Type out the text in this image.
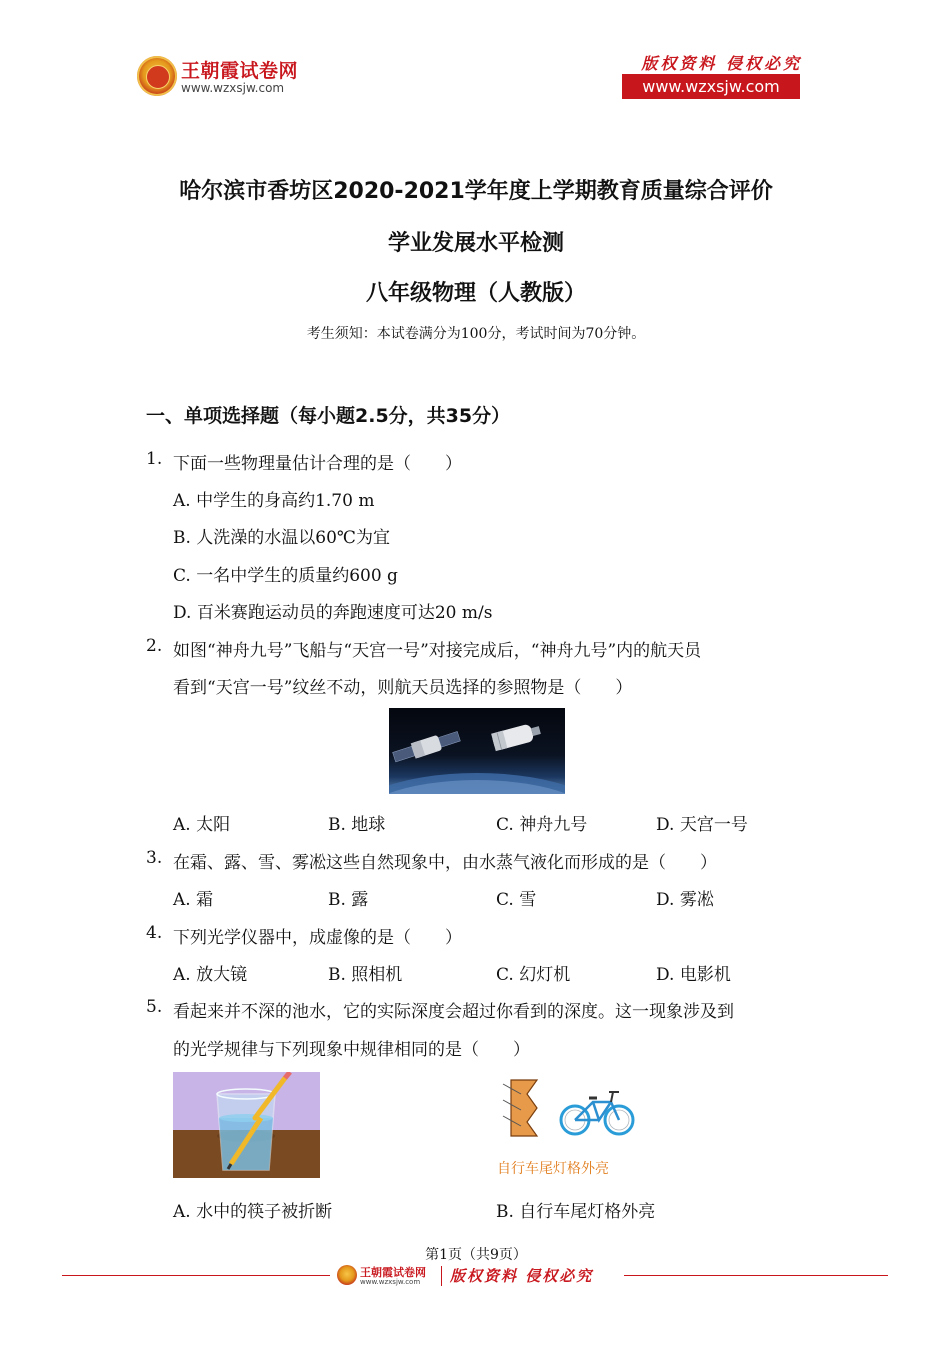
王朝霞试卷网
www.wzxsjw.com
版权资料 侵权必究
www.wzxsjw.com
哈尔滨市香坊区2020-2021学年度上学期教育质量综合评价
学业发展水平检测
八年级物理（人教版）
考生须知：本试卷满分为100分，考试时间为70分钟。
一、单项选择题（每小题2.5分，共35分）
1. 下面一些物理量估计合理的是（　　）
A. 中学生的身高约1.70 m
B. 人洗澡的水温以60℃为宜
C. 一名中学生的质量约600 g
D. 百米赛跑运动员的奔跑速度可达20 m/s
2. 如图“神舟九号”飞船与“天宫一号”对接完成后，“神舟九号”内的航天员
看到“天宫一号”纹丝不动，则航天员选择的参照物是（　　）
A. 太阳	B. 地球	C. 神舟九号	D. 天宫一号
3. 在霜、露、雪、雾凇这些自然现象中，由水蒸气液化而形成的是（　　）
A. 霜	B. 露	C. 雪	D. 雾凇
4. 下列光学仪器中，成虚像的是（　　）
A. 放大镜	B. 照相机	C. 幻灯机	D. 电影机
5. 看起来并不深的池水，它的实际深度会超过你看到的深度。这一现象涉及到
的光学规律与下列现象中规律相同的是（　　）
自行车尾灯格外亮
A. 水中的筷子被折断	B. 自行车尾灯格外亮
第1页（共9页）
王朝霞试卷网
www.wzxsjw.com 版权资料 侵权必究
